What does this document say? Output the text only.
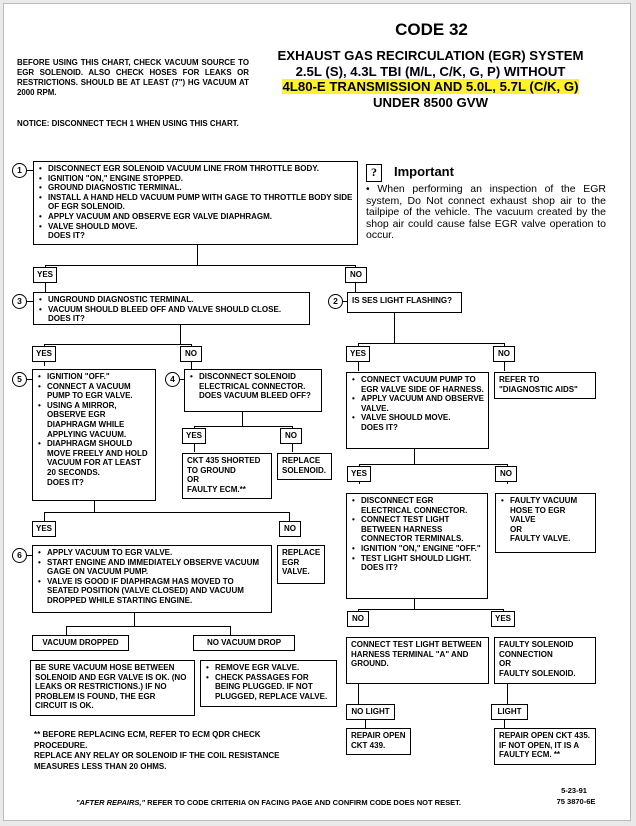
CODE 32
EXHAUST GAS RECIRCULATION (EGR) SYSTEM
2.5L (S), 4.3L TBI (M/L, C/K, G, P) WITHOUT
4L80-E TRANSMISSION AND 5.0L, 5.7L (C/K, G)
UNDER 8500 GVW
BEFORE USING THIS CHART, CHECK VACUUM SOURCE TO EGR SOLENOID. ALSO CHECK HOSES FOR LEAKS OR RESTRICTIONS. SHOULD BE AT LEAST (7") HG VACUUM AT 2000 RPM.
NOTICE: DISCONNECT TECH 1 WHEN USING THIS CHART.
?	Important
• When performing an inspection of the EGR system, Do Not connect exhaust shop air to the tailpipe of the vehicle. The vacuum created by the shop air could cause false EGR valve operation to occur.
1	• DISCONNECT EGR SOLENOID VACUUM LINE FROM THROTTLE BODY.
• IGNITION "ON," ENGINE STOPPED.
• GROUND DIAGNOSTIC TERMINAL.
• INSTALL A HAND HELD VACUUM PUMP WITH GAGE TO THROTTLE BODY SIDE OF EGR SOLENOID.
• APPLY VACUUM AND OBSERVE EGR VALVE DIAPHRAGM.
• VALVE SHOULD MOVE.
DOES IT?
YES	NO
3	• UNGROUND DIAGNOSTIC TERMINAL.
• VACUUM SHOULD BLEED OFF AND VALVE SHOULD CLOSE.
DOES IT?
2	IS SES LIGHT FLASHING?
YES	NO	YES	NO
5	• IGNITION "OFF."
• CONNECT A VACUUM PUMP TO EGR VALVE.
• USING A MIRROR, OBSERVE EGR DIAPHRAGM WHILE APPLYING VACUUM.
• DIAPHRAGM SHOULD MOVE FREELY AND HOLD VACUUM FOR AT LEAST 20 SECONDS.
DOES IT?
4	• DISCONNECT SOLENOID ELECTRICAL CONNECTOR.
DOES VACUUM BLEED OFF?
YES	NO
CKT 435 SHORTED TO GROUND
OR
FAULTY ECM.**
REPLACE SOLENOID.
• CONNECT VACUUM PUMP TO EGR VALVE SIDE OF HARNESS.
• APPLY VACUUM AND OBSERVE VALVE.
• VALVE SHOULD MOVE.
DOES IT?
REFER TO "DIAGNOSTIC AIDS"
YES	NO
• DISCONNECT EGR ELECTRICAL CONNECTOR.
• CONNECT TEST LIGHT BETWEEN HARNESS CONNECTOR TERMINALS.
• IGNITION "ON," ENGINE "OFF."
• TEST LIGHT SHOULD LIGHT.
DOES IT?
• FAULTY VACUUM HOSE TO EGR VALVE
OR
FAULTY VALVE.
YES	NO
6	• APPLY VACUUM TO EGR VALVE.
• START ENGINE AND IMMEDIATELY OBSERVE VACUUM GAGE ON VACUUM PUMP.
• VALVE IS GOOD IF DIAPHRAGM HAS MOVED TO SEATED POSITION (VALVE CLOSED) AND VACUUM DROPPED WHILE STARTING ENGINE.
REPLACE EGR VALVE.
NO	YES
CONNECT TEST LIGHT BETWEEN HARNESS TERMINAL "A" AND GROUND.
FAULTY SOLENOID CONNECTION
OR
FAULTY SOLENOID.
VACUUM DROPPED	NO VACUUM DROP
BE SURE VACUUM HOSE BETWEEN SOLENOID AND EGR VALVE IS OK. (NO LEAKS OR RESTRICTIONS.) IF NO PROBLEM IS FOUND, THE EGR CIRCUIT IS OK.
• REMOVE EGR VALVE.
• CHECK PASSAGES FOR BEING PLUGGED. IF NOT PLUGGED, REPLACE VALVE.
NO LIGHT	LIGHT
REPAIR OPEN CKT 439.
REPAIR OPEN CKT 435. IF NOT OPEN, IT IS A FAULTY ECM. **
** BEFORE REPLACING ECM, REFER TO ECM QDR CHECK PROCEDURE.
REPLACE ANY RELAY OR SOLENOID IF THE COIL RESISTANCE MEASURES LESS THAN 20 OHMS.
5-23-91
75 3870-6E
"AFTER REPAIRS," REFER TO CODE CRITERIA ON FACING PAGE AND CONFIRM CODE DOES NOT RESET.
